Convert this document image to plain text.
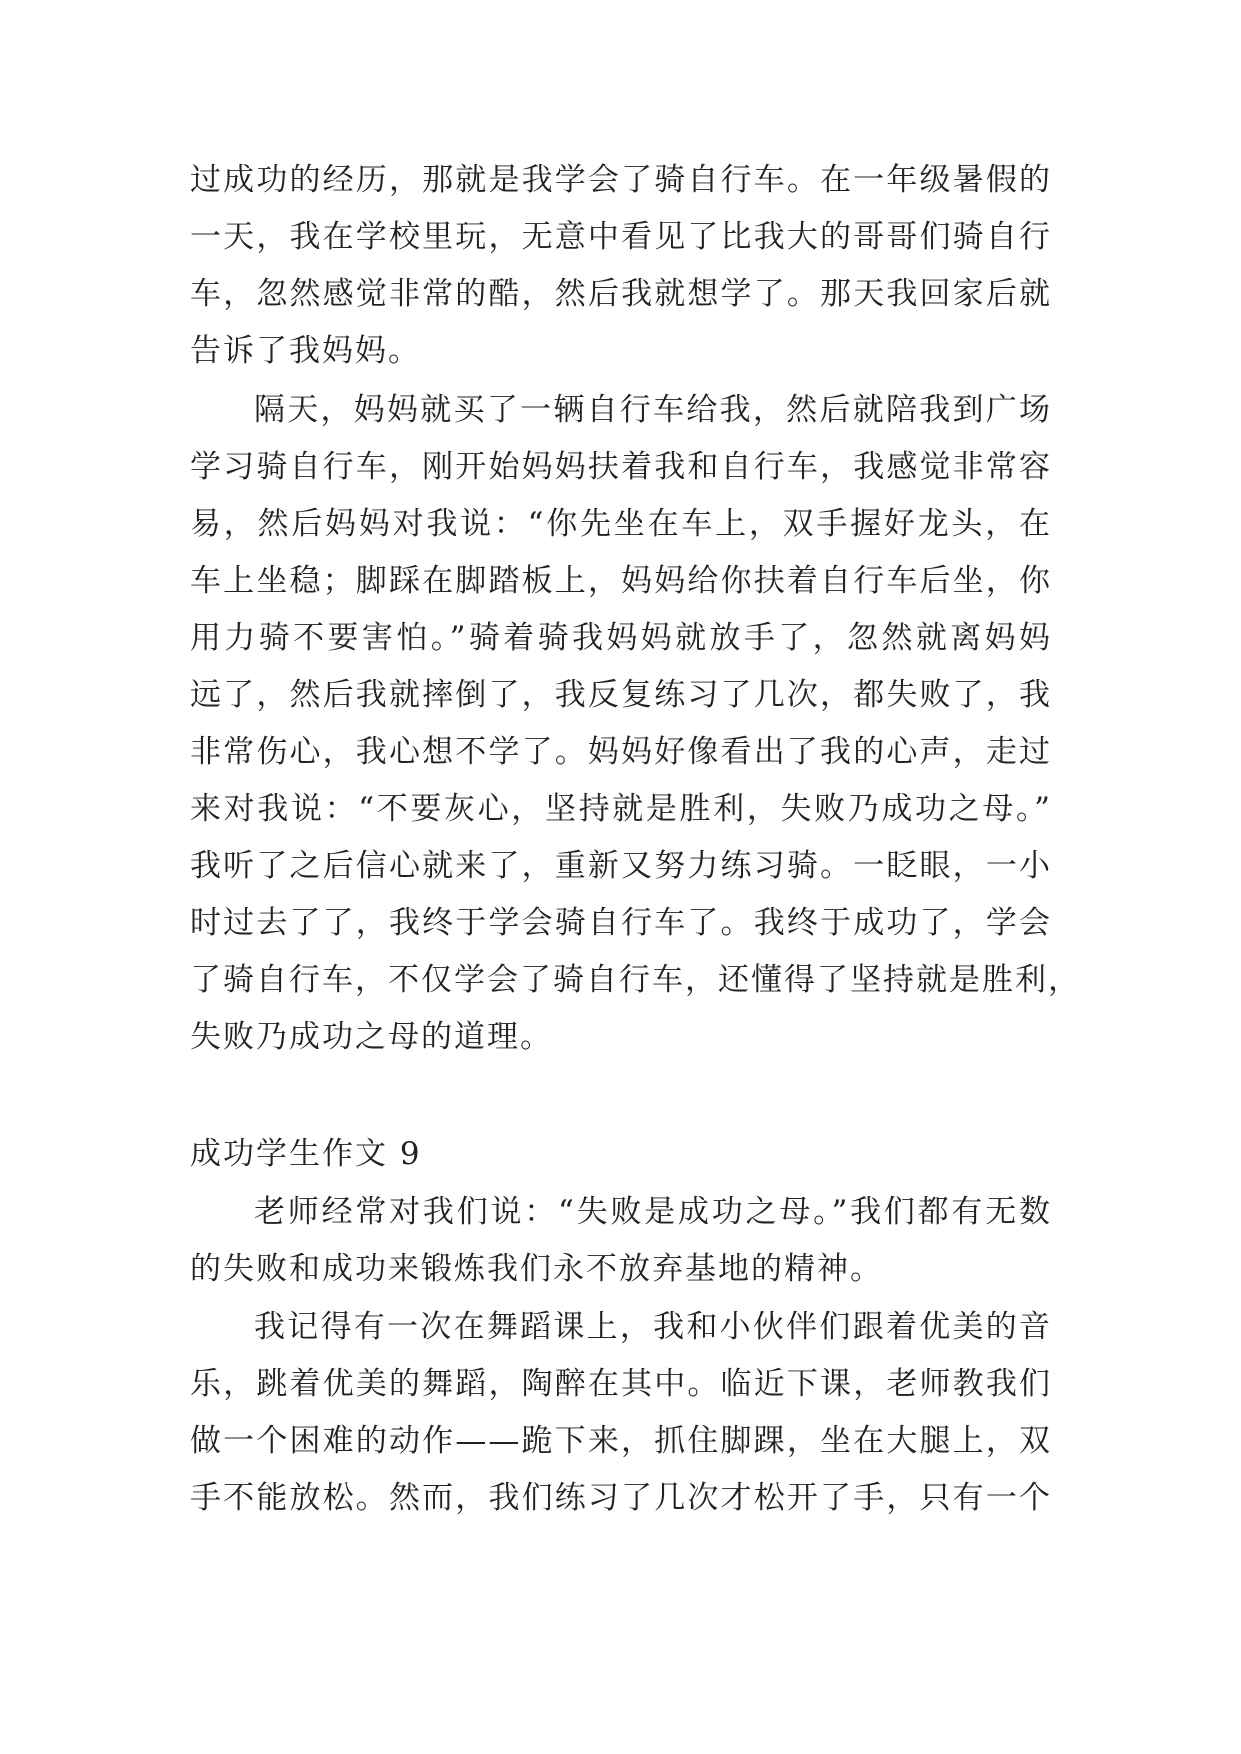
过成功的经历，那就是我学会了骑自行车。在一年级暑假的
一天，我在学校里玩，无意中看见了比我大的哥哥们骑自行
车，忽然感觉非常的酷，然后我就想学了。那天我回家后就
告诉了我妈妈。
隔天，妈妈就买了一辆自行车给我，然后就陪我到广场
学习骑自行车，刚开始妈妈扶着我和自行车，我感觉非常容
易，然后妈妈对我说：“你先坐在车上，双手握好龙头，在
车上坐稳；脚踩在脚踏板上，妈妈给你扶着自行车后坐，你
用力骑不要害怕。”骑着骑我妈妈就放手了，忽然就离妈妈
远了，然后我就摔倒了，我反复练习了几次，都失败了，我
非常伤心，我心想不学了。妈妈好像看出了我的心声，走过
来对我说：“不要灰心，坚持就是胜利，失败乃成功之母。”
我听了之后信心就来了，重新又努力练习骑。一眨眼，一小
时过去了了，我终于学会骑自行车了。我终于成功了，学会
了骑自行车，不仅学会了骑自行车，还懂得了坚持就是胜利，
失败乃成功之母的道理。
成功学生作文 9
老师经常对我们说：“失败是成功之母。”我们都有无数
的失败和成功来锻炼我们永不放弃基地的精神。
我记得有一次在舞蹈课上，我和小伙伴们跟着优美的音
乐，跳着优美的舞蹈，陶醉在其中。临近下课，老师教我们
做一个困难的动作——跪下来，抓住脚踝，坐在大腿上，双
手不能放松。然而，我们练习了几次才松开了手，只有一个
